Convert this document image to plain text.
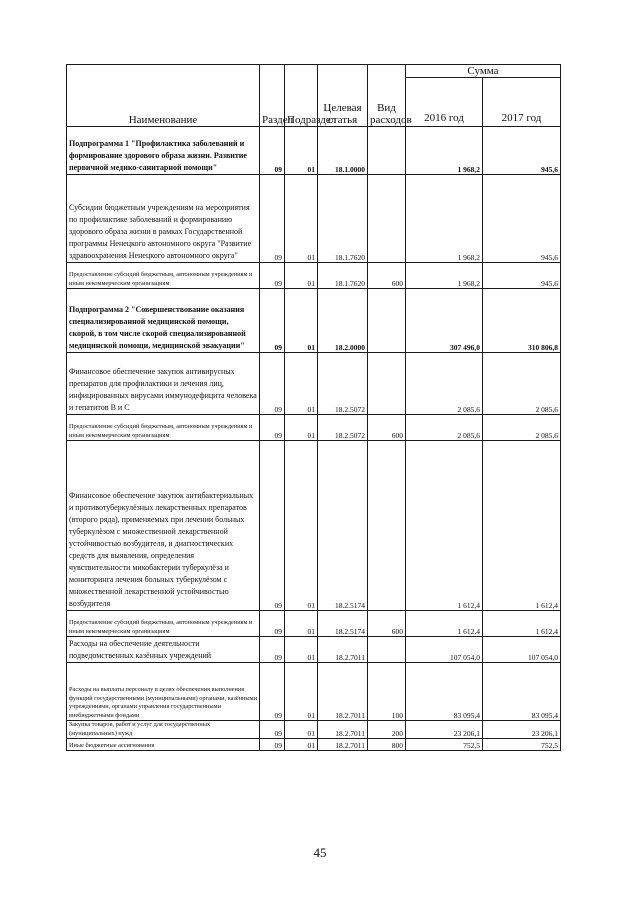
Наименование	Раздел	Подраздел	Целевая статья	Вид расходов	Сумма	
					2016 год	2017 год
Подпрограмма 1 "Профилактика заболеваний и формирование здорового образа жизни. Развитие первичной медико-санитарной помощи"	09	01	18.1.0000		1 968,2	945,6
Субсидии бюджетным учреждениям на мероприятия по профилактике заболеваний и формированию здорового образа жизни в рамках Государственной программы Ненецкого автономного округа "Развитие здравоохранения Ненецкого автономного округа"	09	01	18.1.7620		1 968,2	945,6
Предоставление субсидий бюджетным, автономным учреждениям и иным некоммерческим организациям	09	01	18.1.7620	600	1 968,2	945,6
Подпрограмма 2 "Совершенствование оказания специализированной медицинской помощи, скорой, в том числе скорой специализированной медицинской помощи, медицинской эвакуации"	09	01	18.2.0000		307 496,0	310 806,8
Финансовое обеспечение закупок антивирусных препаратов для профилактики и лечения лиц, инфицированных вирусами иммунодефицита человека и гепатитов В и С	09	01	18.2.5072		2 085,6	2 085,6
Предоставление субсидий бюджетным, автономным учреждениям и иным некоммерческим организациям	09	01	18.2.5072	600	2 085,6	2 085,6
Финансовое обеспечение закупок антибактериальных и противотуберкулёзных лекарственных препаратов (второго ряда), применяемых при лечении больных туберкулёзом с множественной лекарственной устойчивостью возбудителя, и диагностических средств для выявления, определения чувствительности микобактерии туберкулёза и мониторинга лечения больных туберкулёзом с множественной лекарственной устойчивостью возбудителя	09	01	18.2.5174		1 612,4	1 612,4
Предоставление субсидий бюджетным, автономным учреждениям и иным некоммерческим организациям	09	01	18.2.5174	600	1 612,4	1 612,4
Расходы на обеспечение деятельности подведомственных казённых учреждений	09	01	18.2.7011		107 054,0	107 054,0
Расходы на выплаты персоналу в целях обеспечения выполнения функций государственными (муниципальными) органами, казёнными учреждениями, органами управления государственными внебюджетными фондами	09	01	18.2.7011	100	83 095,4	83 095,4
Закупка товаров, работ и услуг для государственных (муниципальных) нужд	09	01	18.2.7011	200	23 206,1	23 206,1
Иные бюджетные ассигнования	09	01	18.2.7011	800	752,5	752,5
45
